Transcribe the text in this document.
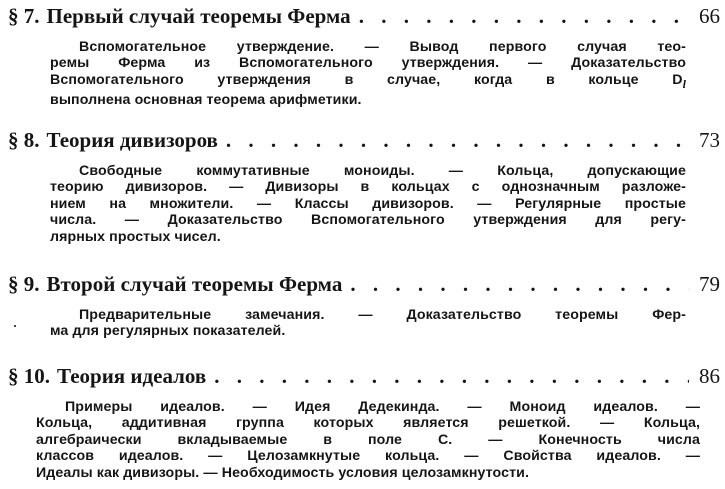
§ 7. Первый случай теоремы Ферма . . .	66
Вспомогательное утверждение. — Вывод первого случая тео-
ремы Ферма из Вспомогательного утверждения. — Доказательство
Вспомогательного утверждения в случае, когда в кольце $D_l$
выполнена основная теорема арифметики.
§ 8. Теория дивизоров . . .	73
Свободные коммутативные моноиды. — Кольца, допускающие
теорию дивизоров. — Дивизоры в кольцах с однозначным разложе-
нием на множители. — Классы дивизоров. — Регулярные простые
числа. — Доказательство Вспомогательного утверждения для регу-
лярных простых чисел.
§ 9. Второй случай теоремы Ферма . . .	79
Предварительные замечания. — Доказательство теоремы Фер-
ма для регулярных показателей.
§ 10. Теория идеалов . . .	86
Примеры идеалов. — Идея Дедекинда. — Моноид идеалов. —
Кольца, аддитивная группа которых является решеткой. — Кольца,
алгебраически вкладываемые в поле С. — Конечность числа
классов идеалов. — Целозамкнутые кольца. — Свойства идеалов. —
Идеалы как дивизоры. — Необходимость условия целозамкнутости.
